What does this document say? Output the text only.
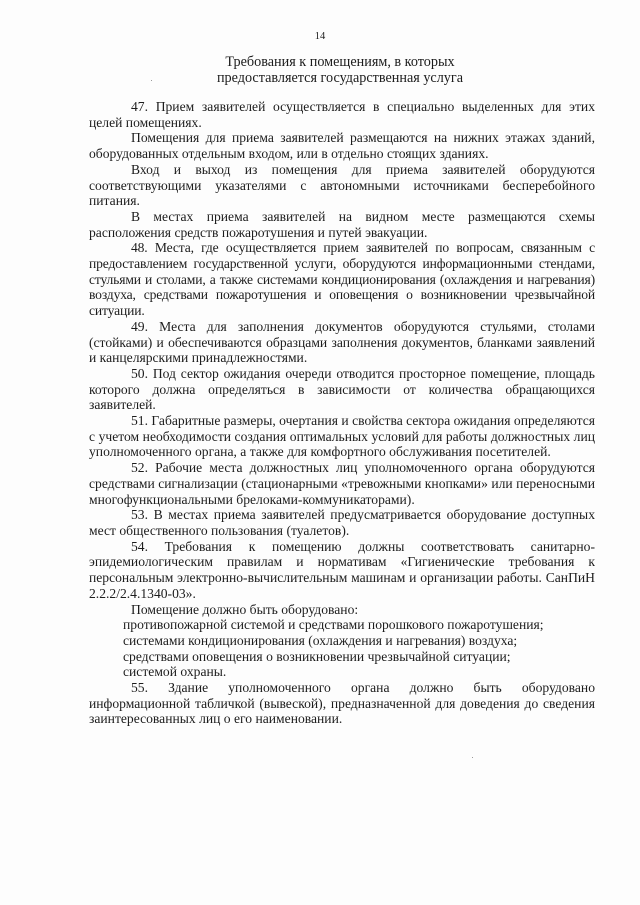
14
Требования к помещениям, в которых
предоставляется государственная услуга

47. Прием заявителей осуществляется в специально выделенных для этих целей помещениях.

Помещения для приема заявителей размещаются на нижних этажах зданий, оборудованных отдельным входом, или в отдельно стоящих зданиях.

Вход и выход из помещения для приема заявителей оборудуются соответствующими указателями с автономными источниками бесперебойного питания.

В местах приема заявителей на видном месте размещаются схемы расположения средств пожаротушения и путей эвакуации.

48. Места, где осуществляется прием заявителей по вопросам, связанным с предоставлением государственной услуги, оборудуются информационными стендами, стульями и столами, а также системами кондиционирования (охлаждения и нагревания) воздуха, средствами пожаротушения и оповещения о возникновении чрезвычайной ситуации.

49. Места для заполнения документов оборудуются стульями, столами (стойками) и обеспечиваются образцами заполнения документов, бланками заявлений и канцелярскими принадлежностями.

50. Под сектор ожидания очереди отводится просторное помещение, площадь которого должна определяться в зависимости от количества обращающихся заявителей.

51. Габаритные размеры, очертания и свойства сектора ожидания определяются с учетом необходимости создания оптимальных условий для работы должностных лиц уполномоченного органа, а также для комфортного обслуживания посетителей.

52. Рабочие места должностных лиц уполномоченного органа оборудуются средствами сигнализации (стационарными «тревожными кнопками» или переносными многофункциональными брелоками-коммуникаторами).

53. В местах приема заявителей предусматривается оборудование доступных мест общественного пользования (туалетов).

54. Требования к помещению должны соответствовать санитарно-эпидемиологическим правилам и нормативам «Гигиенические требования к персональным электронно-вычислительным машинам и организации работы. СанПиН 2.2.2/2.4.1340-03».

Помещение должно быть оборудовано:

противопожарной системой и средствами порошкового пожаротушения;

системами кондиционирования (охлаждения и нагревания) воздуха;

средствами оповещения о возникновении чрезвычайной ситуации;

системой охраны.

55. Здание уполномоченного органа должно быть оборудовано информационной табличкой (вывеской), предназначенной для доведения до сведения заинтересованных лиц о его наименовании.
